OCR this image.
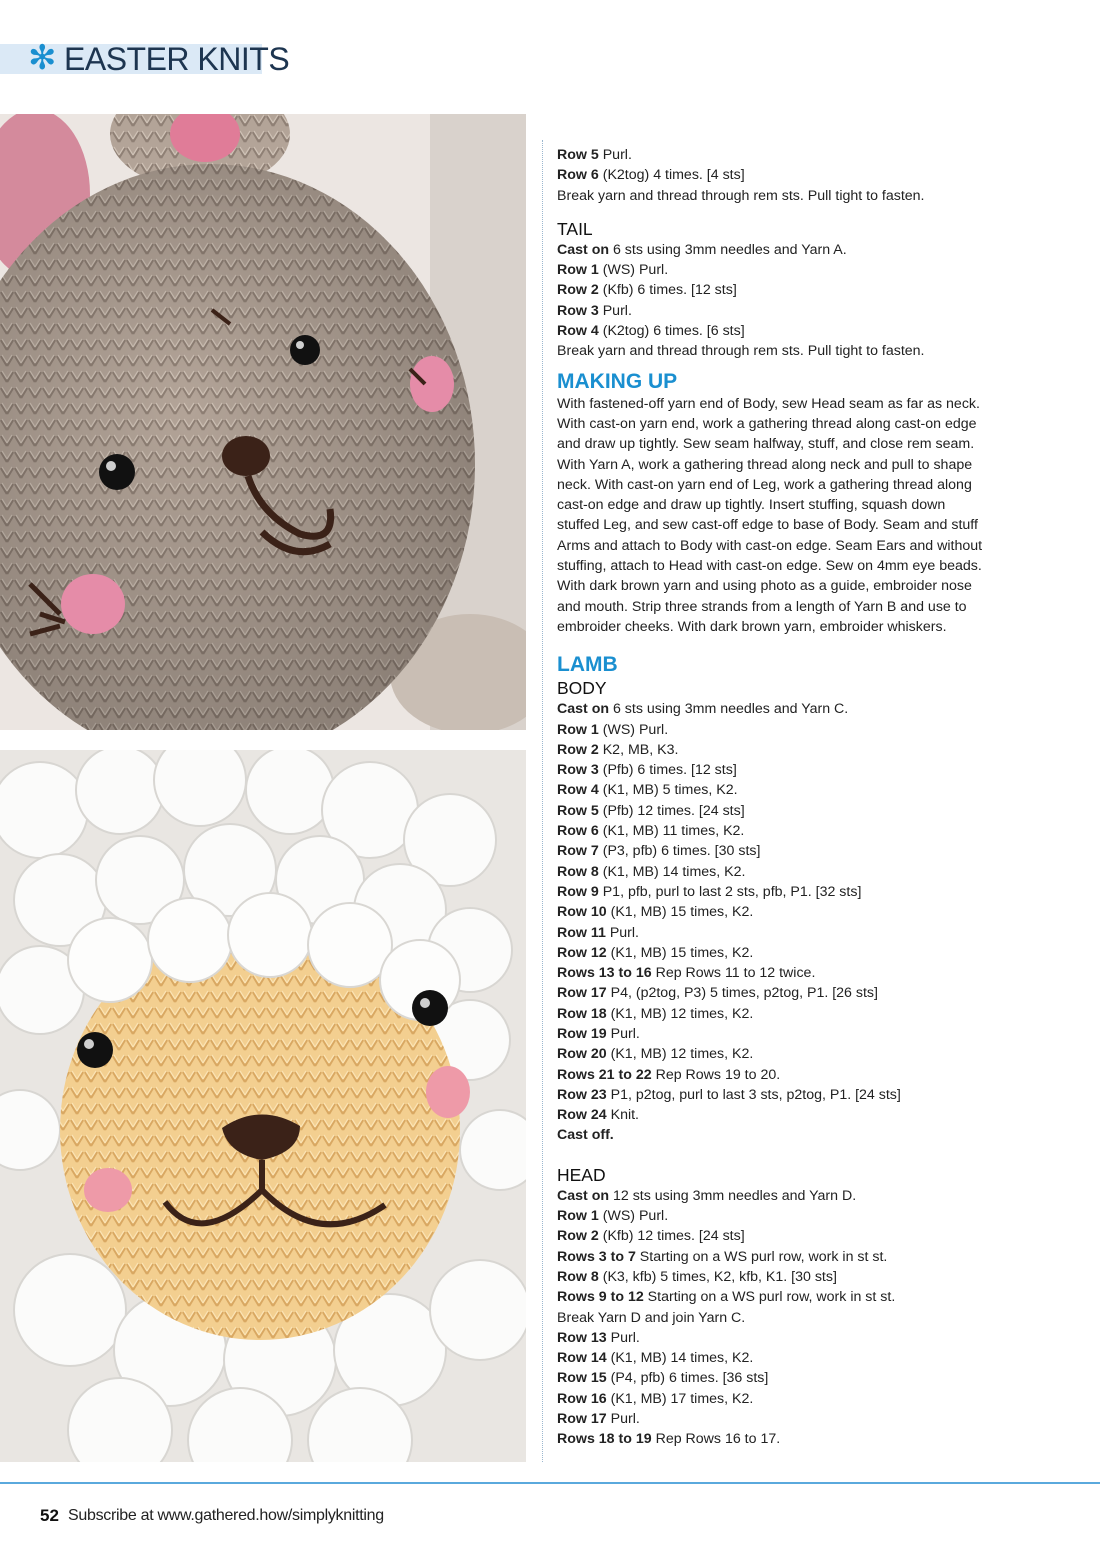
✻ EASTER KNITS
Row 5 Purl.
Row 6 (K2tog) 4 times. [4 sts]
Break yarn and thread through rem sts. Pull tight to fasten.
TAIL
Cast on 6 sts using 3mm needles and Yarn A.
Row 1 (WS) Purl.
Row 2 (Kfb) 6 times. [12 sts]
Row 3 Purl.
Row 4 (K2tog) 6 times. [6 sts]
Break yarn and thread through rem sts. Pull tight to fasten.
MAKING UP
With fastened-off yarn end of Body, sew Head seam as far as neck.
With cast-on yarn end, work a gathering thread along cast-on edge
and draw up tightly. Sew seam halfway, stuff, and close rem seam.
With Yarn A, work a gathering thread along neck and pull to shape
neck. With cast-on yarn end of Leg, work a gathering thread along
cast-on edge and draw up tightly. Insert stuffing, squash down
stuffed Leg, and sew cast-off edge to base of Body. Seam and stuff
Arms and attach to Body with cast-on edge. Seam Ears and without
stuffing, attach to Head with cast-on edge. Sew on 4mm eye beads.
With dark brown yarn and using photo as a guide, embroider nose
and mouth. Strip three strands from a length of Yarn B and use to
embroider cheeks. With dark brown yarn, embroider whiskers.
LAMB
BODY
Cast on 6 sts using 3mm needles and Yarn C.
Row 1 (WS) Purl.
Row 2 K2, MB, K3.
Row 3 (Pfb) 6 times. [12 sts]
Row 4 (K1, MB) 5 times, K2.
Row 5 (Pfb) 12 times. [24 sts]
Row 6 (K1, MB) 11 times, K2.
Row 7 (P3, pfb) 6 times. [30 sts]
Row 8 (K1, MB) 14 times, K2.
Row 9 P1, pfb, purl to last 2 sts, pfb, P1. [32 sts]
Row 10 (K1, MB) 15 times, K2.
Row 11 Purl.
Row 12 (K1, MB) 15 times, K2.
Rows 13 to 16 Rep Rows 11 to 12 twice.
Row 17 P4, (p2tog, P3) 5 times, p2tog, P1. [26 sts]
Row 18 (K1, MB) 12 times, K2.
Row 19 Purl.
Row 20 (K1, MB) 12 times, K2.
Rows 21 to 22 Rep Rows 19 to 20.
Row 23 P1, p2tog, purl to last 3 sts, p2tog, P1. [24 sts]
Row 24 Knit.
Cast off.
HEAD
Cast on 12 sts using 3mm needles and Yarn D.
Row 1 (WS) Purl.
Row 2 (Kfb) 12 times. [24 sts]
Rows 3 to 7 Starting on a WS purl row, work in st st.
Row 8 (K3, kfb) 5 times, K2, kfb, K1. [30 sts]
Rows 9 to 12 Starting on a WS purl row, work in st st.
Break Yarn D and join Yarn C.
Row 13 Purl.
Row 14 (K1, MB) 14 times, K2.
Row 15 (P4, pfb) 6 times. [36 sts]
Row 16 (K1, MB) 17 times, K2.
Row 17 Purl.
Rows 18 to 19 Rep Rows 16 to 17.
52 Subscribe at www.gathered.how/simplyknitting
